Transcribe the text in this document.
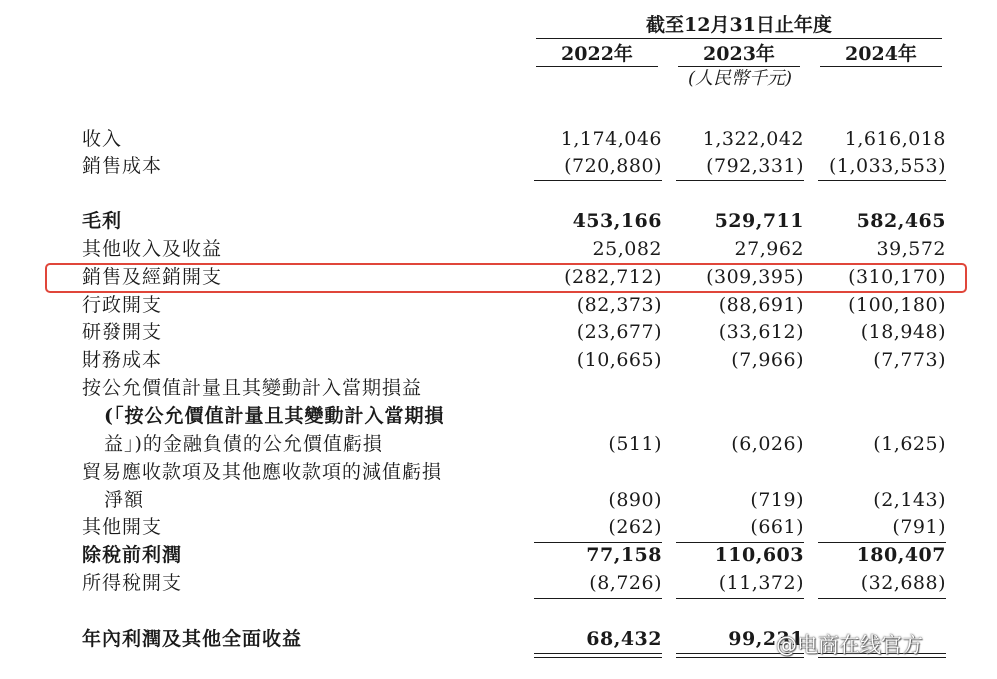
截至12月31日止年度
2022年	2023年	2024年
(人民幣千元)
收入	1,174,046	1,322,042	1,616,018
銷售成本	(720,880)	(792,331)	(1,033,553)
毛利	453,166	529,711	582,465
其他收入及收益	25,082	27,962	39,572
銷售及經銷開支	(282,712)	(309,395)	(310,170)
行政開支	(82,373)	(88,691)	(100,180)
研發開支	(23,677)	(33,612)	(18,948)
財務成本	(10,665)	(7,966)	(7,773)
按公允價值計量且其變動計入當期損益
(「按公允價值計量且其變動計入當期損
益」)的金融負債的公允價值虧損	(511)	(6,026)	(1,625)
貿易應收款項及其他應收款項的減值虧損
淨額	(890)	(719)	(2,143)
其他開支	(262)	(661)	(791)
除稅前利潤	77,158	110,603	180,407
所得稅開支	(8,726)	(11,372)	(32,688)
年內利潤及其他全面收益	68,432	99,231
@电商在线官方
